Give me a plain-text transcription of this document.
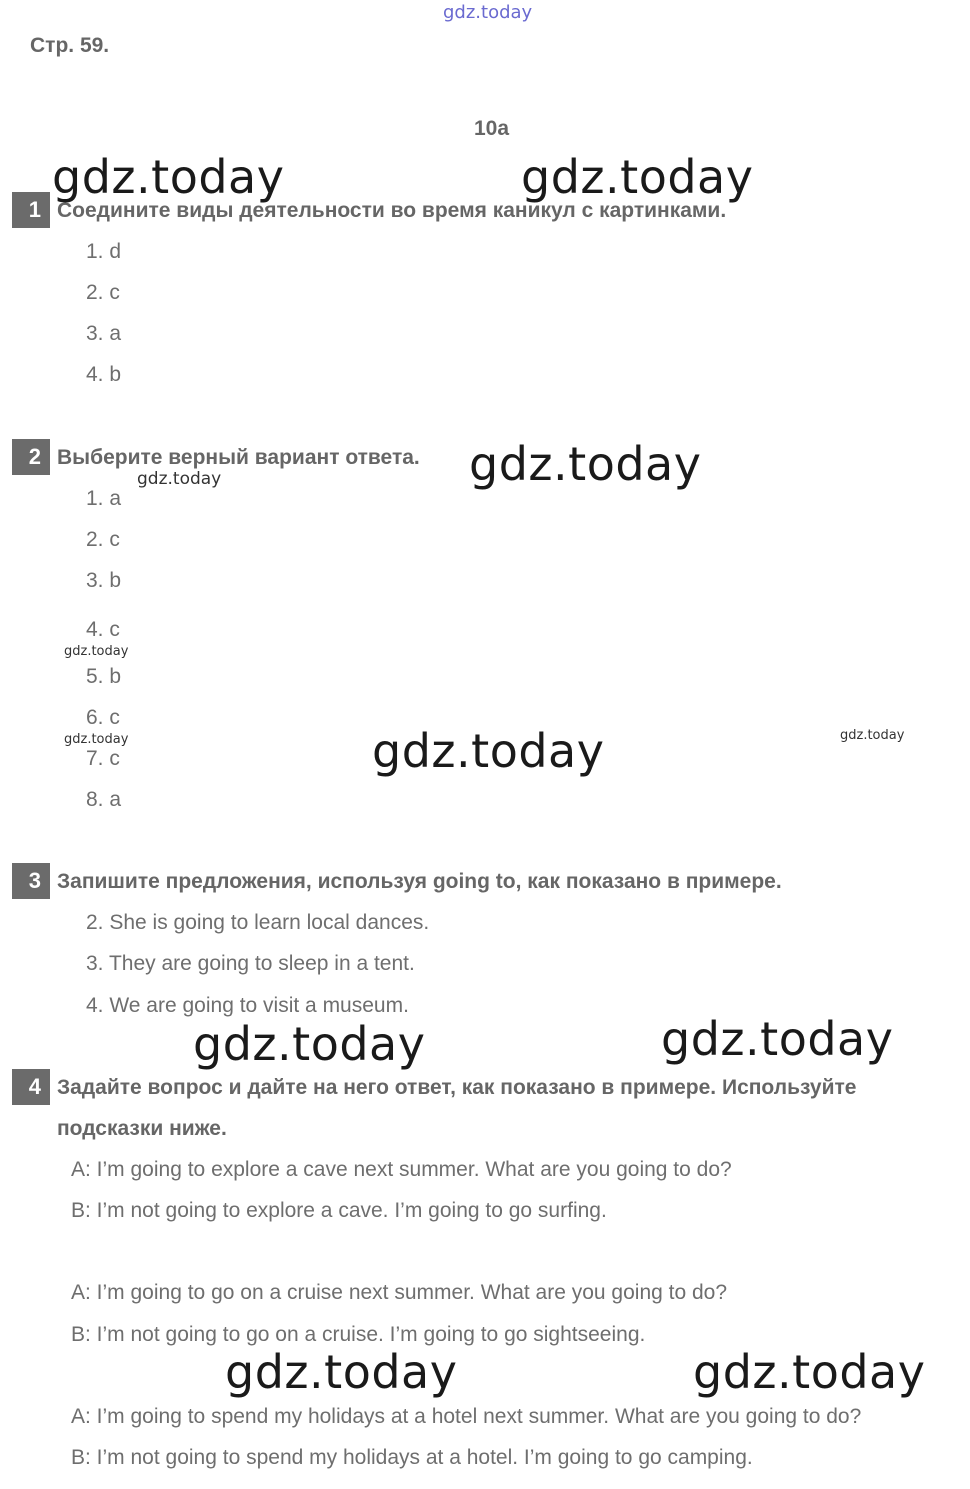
gdz.today
Стр. 59.
10a
gdz.today	gdz.today
1 Соедините виды деятельности во время каникул с картинками.
1. d
2. c
3. a
4. b
2 Выберите верный вариант ответа. gdz.today
gdz.today
1. a
2. c
3. b
4. c
gdz.today
5. b
6. c
gdz.today	gdz.today
gdz.today
7. c
8. a
3 Запишите предложения, используя going to, как показано в примере.
2. She is going to learn local dances.
3. They are going to sleep in a tent.
4. We are going to visit a museum.
gdz.today	gdz.today
4 Задайте вопрос и дайте на него ответ, как показано в примере. Используйте
подсказки ниже.
A: I’m going to explore a cave next summer. What are you going to do?
B: I’m not going to explore a cave. I’m going to go surfing.
A: I’m going to go on a cruise next summer. What are you going to do?
B: I’m not going to go on a cruise. I’m going to go sightseeing.
gdz.today	gdz.today
A: I’m going to spend my holidays at a hotel next summer. What are you going to do?
B: I’m not going to spend my holidays at a hotel. I’m going to go camping.
